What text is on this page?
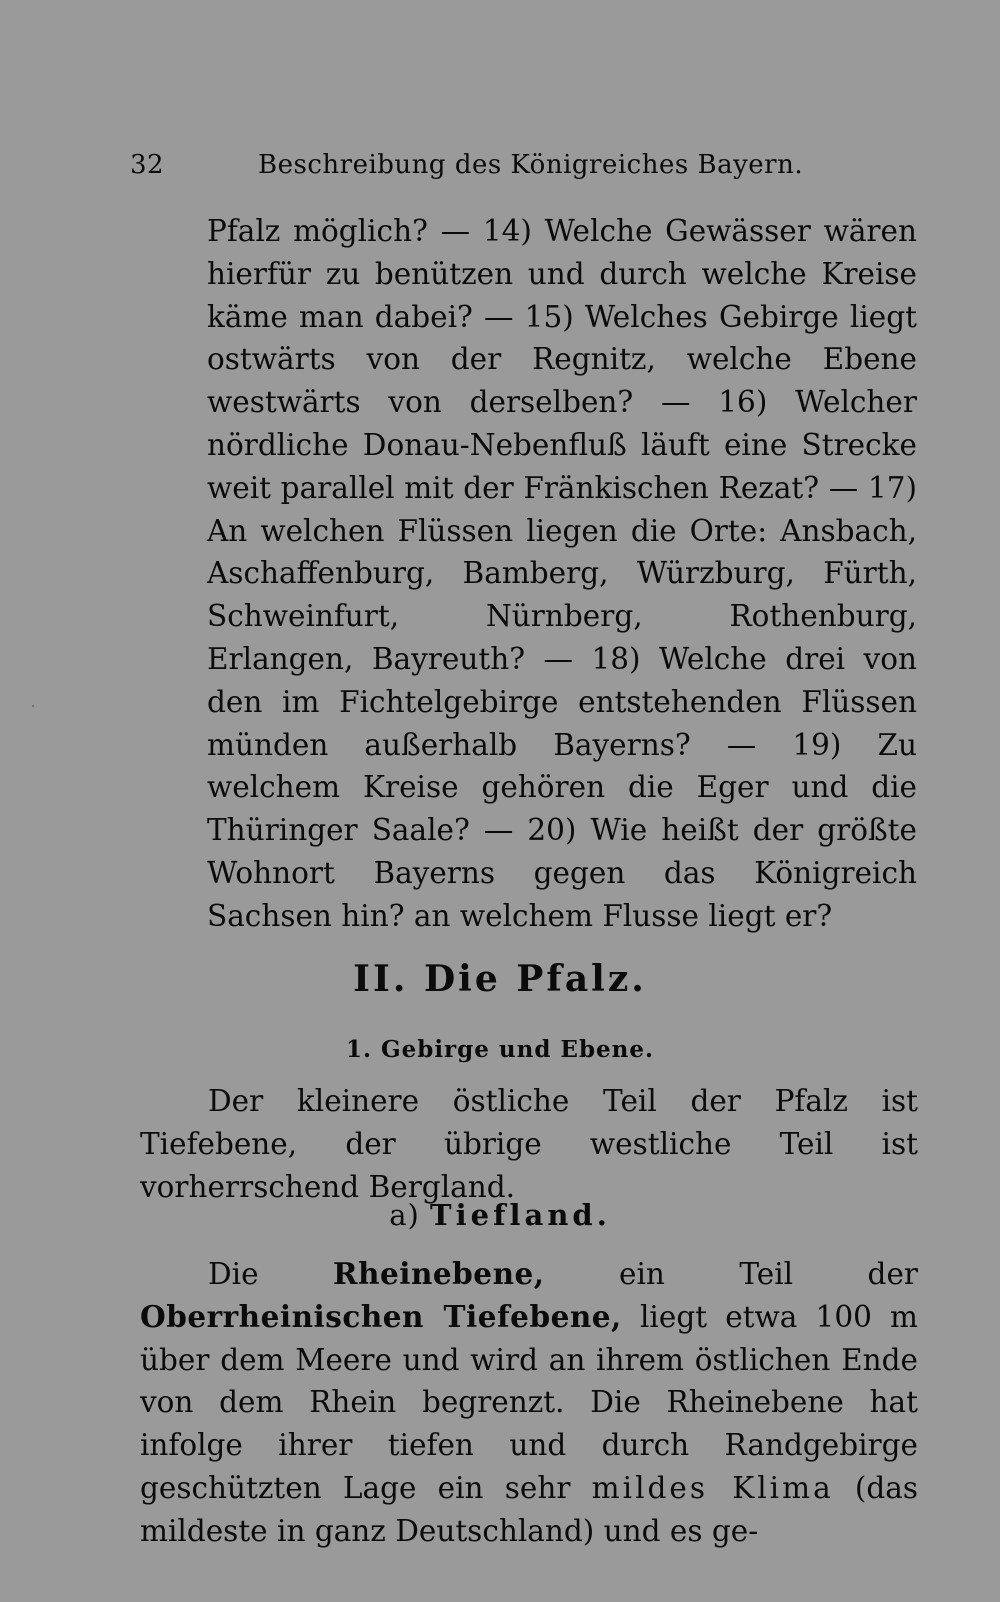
32	Beschreibung des Königreiches Bayern.

Pfalz möglich? — 14) Welche Gewässer wären hierfür zu benützen und durch welche Kreise käme man dabei? — 15) Welches Gebirge liegt ostwärts von der Regnitz, welche Ebene westwärts von derselben? — 16) Welcher nördliche Donau-Nebenfluß läuft eine Strecke weit parallel mit der Fränkischen Rezat? — 17) An welchen Flüssen liegen die Orte: Ansbach, Aschaffenburg, Bamberg, Würzburg, Fürth, Schweinfurt, Nürnberg, Rothenburg, Erlangen, Bayreuth? — 18) Welche drei von den im Fichtelgebirge entstehenden Flüssen münden außerhalb Bayerns? — 19) Zu welchem Kreise gehören die Eger und die Thüringer Saale? — 20) Wie heißt der größte Wohnort Bayerns gegen das Königreich Sachsen hin? an welchem Flusse liegt er?

II. Die Pfalz.
1. Gebirge und Ebene.

Der kleinere östliche Teil der Pfalz ist Tiefebene, der übrige westliche Teil ist vorherrschend Bergland.

a) Tiefland.

Die Rheinebene, ein Teil der Oberrheinischen Tiefebene, liegt etwa 100 m über dem Meere und wird an ihrem östlichen Ende von dem Rhein begrenzt. Die Rheinebene hat infolge ihrer tiefen und durch Randgebirge geschützten Lage ein sehr mildes Klima (das mildeste in ganz Deutschland) und es ge-
